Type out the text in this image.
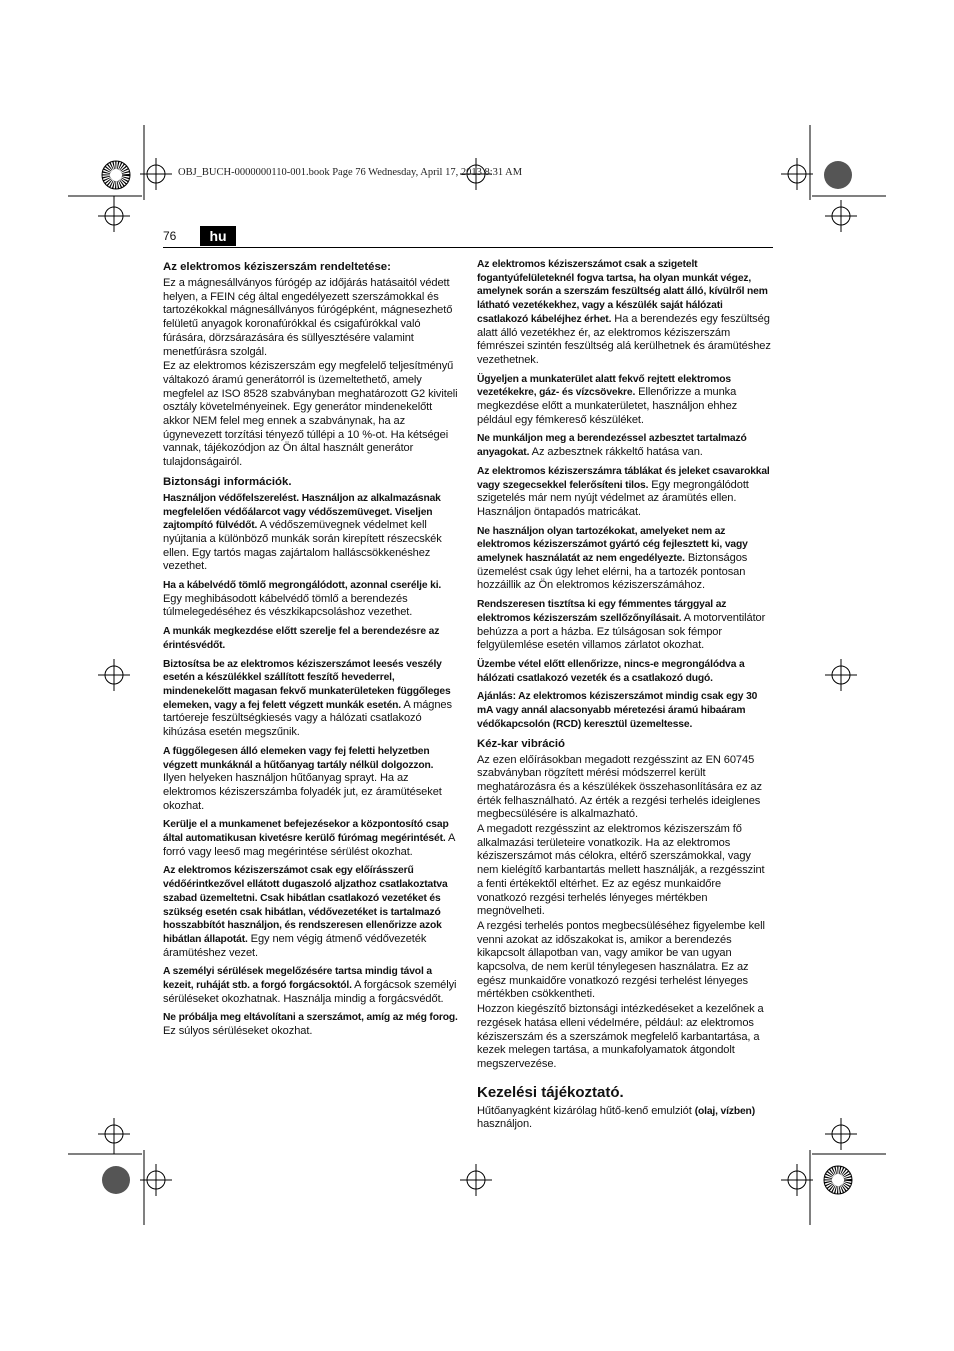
OBJ_BUCH-0000000110-001.book Page 76 Wednesday, April 17, 2013 8:31 AM
76	hu
Az elektromos kéziszerszám rendeltetése:

Ez a mágnesállványos fúrógép az időjárás hatásaitól védett helyen, a FEIN cég által engedélyezett szerszámokkal és tartozékokkal mágnesállványos fúrógépként, mágnesezhető felületű anyagok koronafúrókkal és csigafúrókkal való fúrására, dörzsárazására és süllyesztésére valamint menetfúrásra szolgál.

Ez az elektromos kéziszerszám egy megfelelő teljesítményű váltakozó áramú generátorról is üzemeltethető, amely megfelel az ISO 8528 szabványban meghatározott G2 kiviteli osztály követelményeinek. Egy generátor mindenekelőtt akkor NEM felel meg ennek a szabványnak, ha az úgynevezett torzítási tényező túllépi a 10 %-ot. Ha kétségei vannak, tájékozódjon az Ön által használt generátor tulajdonságairól.

Biztonsági információk.

Használjon védőfelszerelést. Használjon az alkalmazásnak megfelelően védőálarcot vagy védőszemüveget. Viseljen zajtompító fülvédőt. A védőszemüvegnek védelmet kell nyújtania a különböző munkák során kirepített részecskék ellen. Egy tartós magas zajártalom halláscsökkenéshez vezethet.

Ha a kábelvédő tömlő megrongálódott, azonnal cserélje ki. Egy meghibásodott kábelvédő tömlő a berendezés túlmelegedéséhez és vészkikapcsoláshoz vezethet.

A munkák megkezdése előtt szerelje fel a berendezésre az érintésvédőt.

Biztosítsa be az elektromos kéziszerszámot leesés veszély esetén a készülékkel szállított feszítő hevederrel, mindenekelőtt magasan fekvő munkaterületeken függőleges elemeken, vagy a fej felett végzett munkák esetén. A mágnes tartóereje feszültségkiesés vagy a hálózati csatlakozó kihúzása esetén megszűnik.

A függőlegesen álló elemeken vagy fej feletti helyzetben végzett munkáknál a hűtőanyag tartály nélkül dolgozzon. Ilyen helyeken használjon hűtőanyag sprayt. Ha az elektromos kéziszerszámba folyadék jut, ez áramütéseket okozhat.

Kerülje el a munkamenet befejezésekor a központosító csap által automatikusan kivetésre kerülő fúrómag megérintését. A forró vagy leeső mag megérintése sérülést okozhat.

Az elektromos kéziszerszámot csak egy előírásszerű védőérintkezővel ellátott dugaszoló aljzathoz csatlakoztatva szabad üzemeltetni. Csak hibátlan csatlakozó vezetéket és szükség esetén csak hibátlan, védővezetéket is tartalmazó hosszabbítót használjon, és rendszeresen ellenőrizze azok hibátlan állapotát. Egy nem végig átmenő védővezeték áramütéshez vezet.

A személyi sérülések megelőzésére tartsa mindig távol a kezeit, ruháját stb. a forgó forgácsoktól. A forgácsok személyi sérüléseket okozhatnak. Használja mindig a forgácsvédőt.

Ne próbálja meg eltávolítani a szerszámot, amíg az még forog. Ez súlyos sérüléseket okozhat.

Az elektromos kéziszerszámot csak a szigetelt fogantyúfelületeknél fogva tartsa, ha olyan munkát végez, amelynek során a szerszám feszültség alatt álló, kívülről nem látható vezetékekhez, vagy a készülék saját hálózati csatlakozó kábeléjhez érhet. Ha a berendezés egy feszültség alatt álló vezetékhez ér, az elektromos kéziszerszám fémrészei szintén feszültség alá kerülhetnek és áramütéshez vezethetnek.

Ügyeljen a munkaterület alatt fekvő rejtett elektromos vezetékekre, gáz- és vízcsövekre. Ellenőrizze a munka megkezdése előtt a munkaterületet, használjon ehhez például egy fémkereső készüléket.

Ne munkáljon meg a berendezéssel azbesztet tartalmazó anyagokat. Az azbesztnek rákkeltő hatása van.

Az elektromos kéziszerszámra táblákat és jeleket csavarokkal vagy szegecsekkel felerősíteni tilos. Egy megrongálódott szigetelés már nem nyújt védelmet az áramütés ellen. Használjon öntapadós matricákat.

Ne használjon olyan tartozékokat, amelyeket nem az elektromos kéziszerszámot gyártó cég fejlesztett ki, vagy amelynek használatát az nem engedélyezte. Biztonságos üzemelést csak úgy lehet elérni, ha a tartozék pontosan hozzáillik az Ön elektromos kéziszerszámához.

Rendszeresen tisztítsa ki egy fémmentes tárggyal az elektromos kéziszerszám szellőzőnyílásait. A motorventilátor behúzza a port a házba. Ez túlságosan sok fémpor felgyülemlése esetén villamos zárlatot okozhat.

Üzembe vétel előtt ellenőrizze, nincs-e megrongálódva a hálózati csatlakozó vezeték és a csatlakozó dugó.

Ajánlás: Az elektromos kéziszerszámot mindig csak egy 30 mA vagy annál alacsonyabb méretezési áramú hibaáram védőkapcsolón (RCD) keresztül üzemeltesse.

Kéz-kar vibráció

Az ezen előírásokban megadott rezgésszint az EN 60745 szabványban rögzített mérési módszerrel került meghatározásra és a készülékek összehasonlítására ez az érték felhasználható. Az érték a rezgési terhelés ideiglenes megbecsülésére is alkalmazható.

A megadott rezgésszint az elektromos kéziszerszám fő alkalmazási területeire vonatkozik. Ha az elektromos kéziszerszámot más célokra, eltérő szerszámokkal, vagy nem kielégítő karbantartás mellett használják, a rezgésszint a fenti értékektől eltérhet. Ez az egész munkaidőre vonatkozó rezgési terhelés lényeges mértékben megnövelheti.

A rezgési terhelés pontos megbecsüléséhez figyelembe kell venni azokat az időszakokat is, amikor a berendezés kikapcsolt állapotban van, vagy amikor be van ugyan kapcsolva, de nem kerül ténylegesen használatra. Ez az egész munkaidőre vonatkozó rezgési terhelést lényeges mértékben csökkentheti.

Hozzon kiegészítő biztonsági intézkedéseket a kezelőnek a rezgések hatása elleni védelmére, például: az elektromos kéziszerszám és a szerszámok megfelelő karbantartása, a kezek melegen tartása, a munkafolyamatok átgondolt megszervezése.

Kezelési tájékoztató.

Hűtőanyagként kizárólag hűtő-kenő emulziót (olaj, vízben) használjon.
